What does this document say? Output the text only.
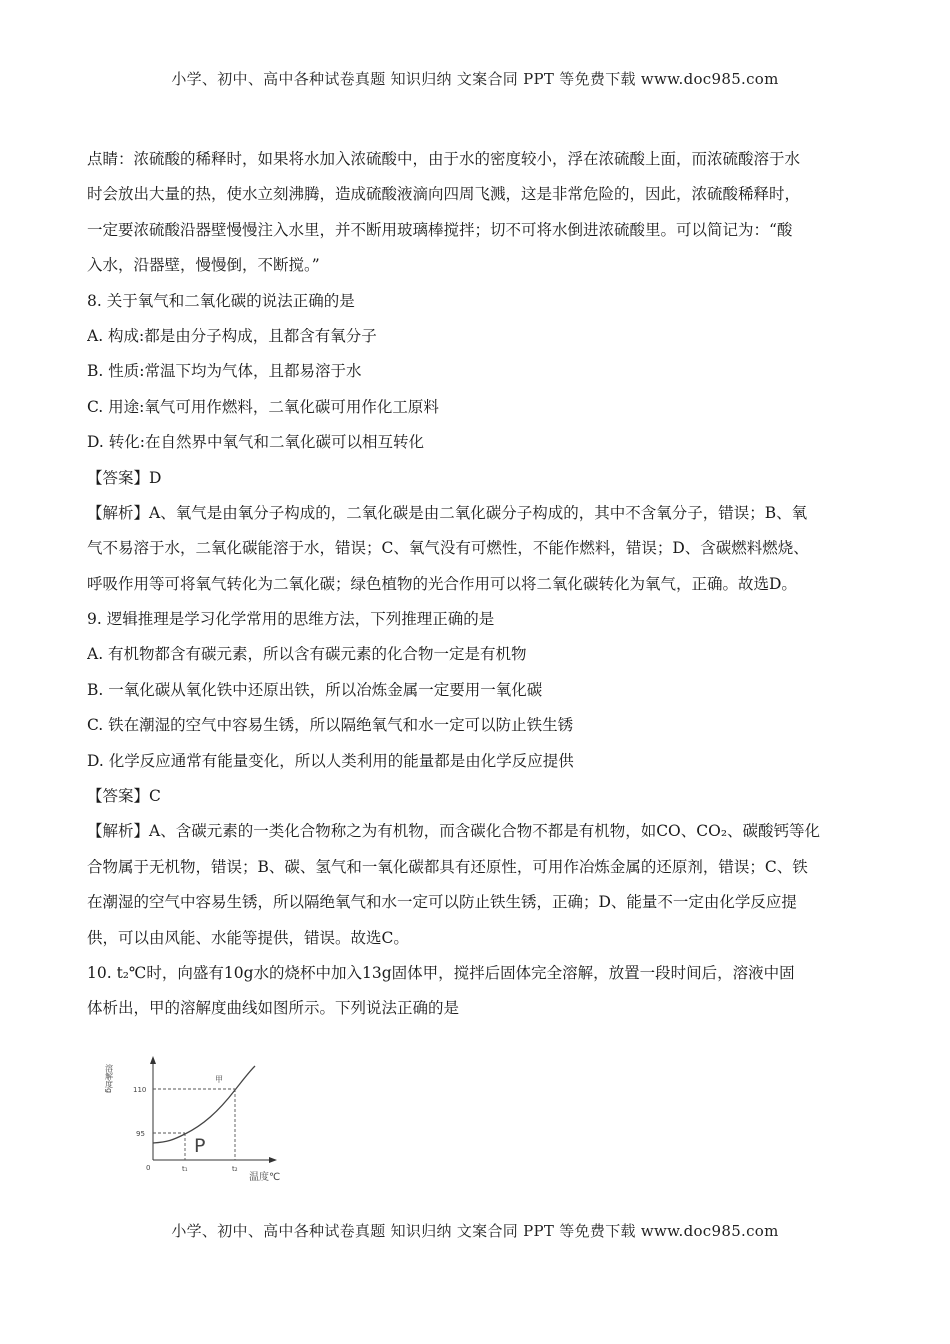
小学、初中、高中各种试卷真题 知识归纳 文案合同 PPT 等免费下载 www.doc985.com
点睛：浓硫酸的稀释时，如果将水加入浓硫酸中，由于水的密度较小，浮在浓硫酸上面，而浓硫酸溶于水
时会放出大量的热，使水立刻沸腾，造成硫酸液滴向四周飞溅，这是非常危险的，因此，浓硫酸稀释时，
一定要浓硫酸沿器壁慢慢注入水里，并不断用玻璃棒搅拌；切不可将水倒进浓硫酸里。可以简记为：“酸
入水，沿器壁，慢慢倒，不断搅。”
8. 关于氧气和二氧化碳的说法正确的是
A. 构成:都是由分子构成，且都含有氧分子
B. 性质:常温下均为气体，且都易溶于水
C. 用途:氧气可用作燃料，二氧化碳可用作化工原料
D. 转化:在自然界中氧气和二氧化碳可以相互转化
【答案】D
【解析】A、氧气是由氧分子构成的，二氧化碳是由二氧化碳分子构成的，其中不含氧分子，错误；B、氧
气不易溶于水，二氧化碳能溶于水，错误；C、氧气没有可燃性，不能作燃料，错误；D、含碳燃料燃烧、
呼吸作用等可将氧气转化为二氧化碳；绿色植物的光合作用可以将二氧化碳转化为氧气，正确。故选D。
9. 逻辑推理是学习化学常用的思维方法，下列推理正确的是
A. 有机物都含有碳元素，所以含有碳元素的化合物一定是有机物
B. 一氧化碳从氧化铁中还原出铁，所以冶炼金属一定要用一氧化碳
C. 铁在潮湿的空气中容易生锈，所以隔绝氧气和水一定可以防止铁生锈
D. 化学反应通常有能量变化，所以人类利用的能量都是由化学反应提供
【答案】C
【解析】A、含碳元素的一类化合物称之为有机物，而含碳化合物不都是有机物，如CO、CO₂、碳酸钙等化
合物属于无机物，错误；B、碳、氢气和一氧化碳都具有还原性，可用作冶炼金属的还原剂，错误；C、铁
在潮湿的空气中容易生锈，所以隔绝氧气和水一定可以防止铁生锈，正确；D、能量不一定由化学反应提
供，可以由风能、水能等提供，错误。故选C。
10. t₂℃时，向盛有10g水的烧杯中加入13g固体甲，搅拌后固体完全溶解，放置一段时间后，溶液中固
体析出，甲的溶解度曲线如图所示。下列说法正确的是
溶解度g	110
95
0	t₁	t₂
温度℃
甲
P
小学、初中、高中各种试卷真题 知识归纳 文案合同 PPT 等免费下载 www.doc985.com
